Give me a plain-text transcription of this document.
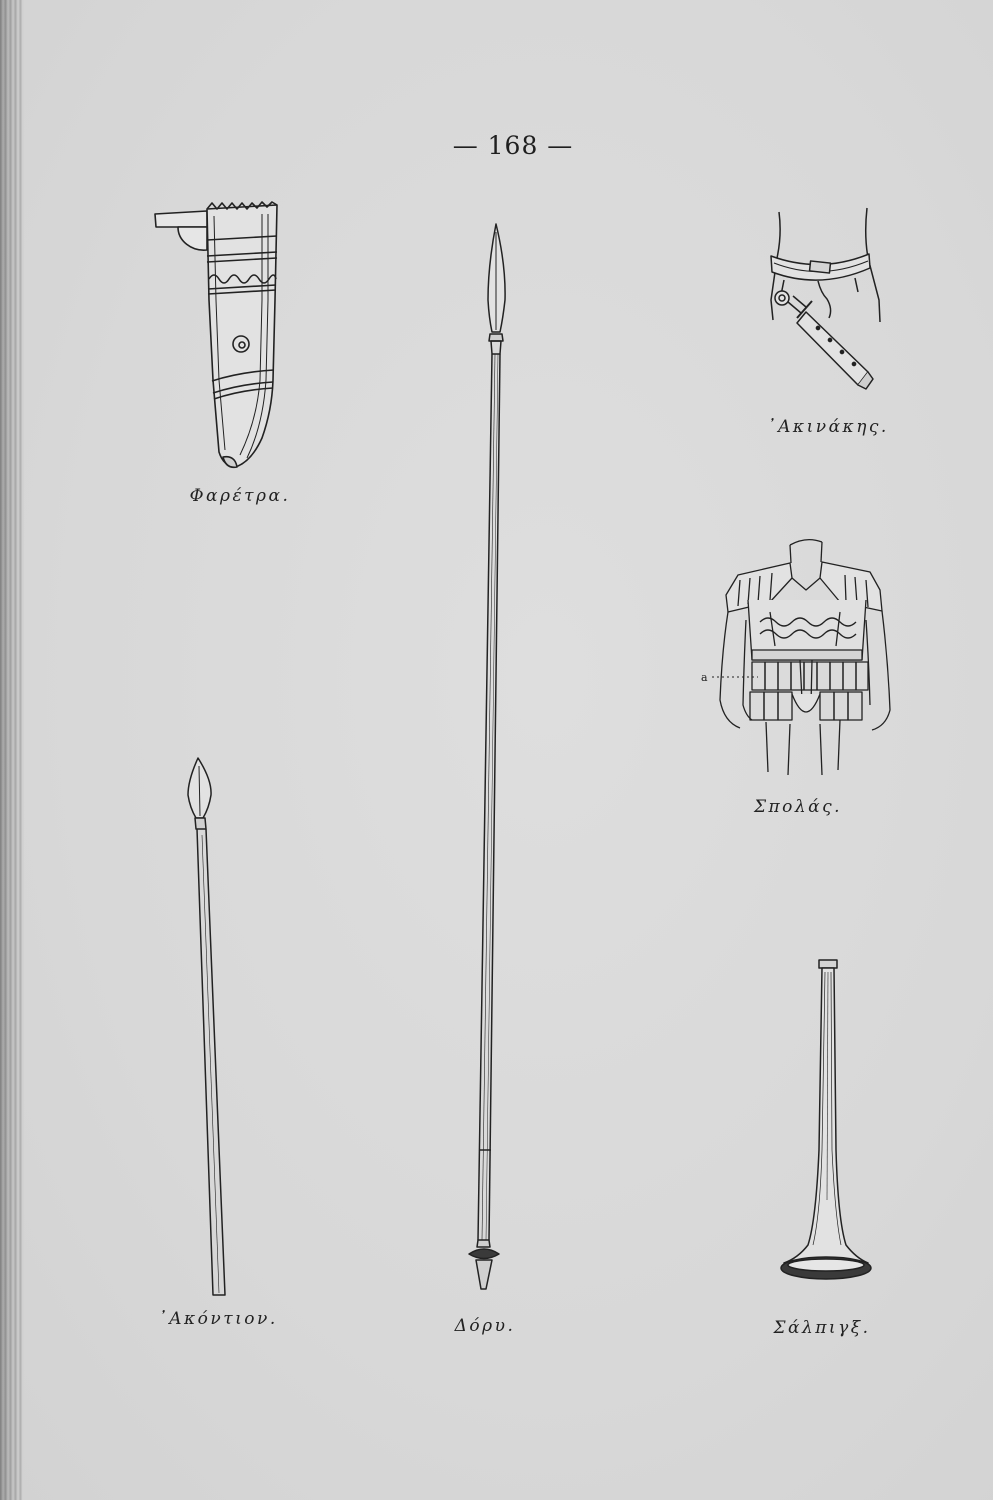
— 168 —
a
Φαρέτρα.
᾿Ακινάκης.
Σπολάς.
᾿Ακόντιον.	Δόρυ.	Σάλπιγξ.
